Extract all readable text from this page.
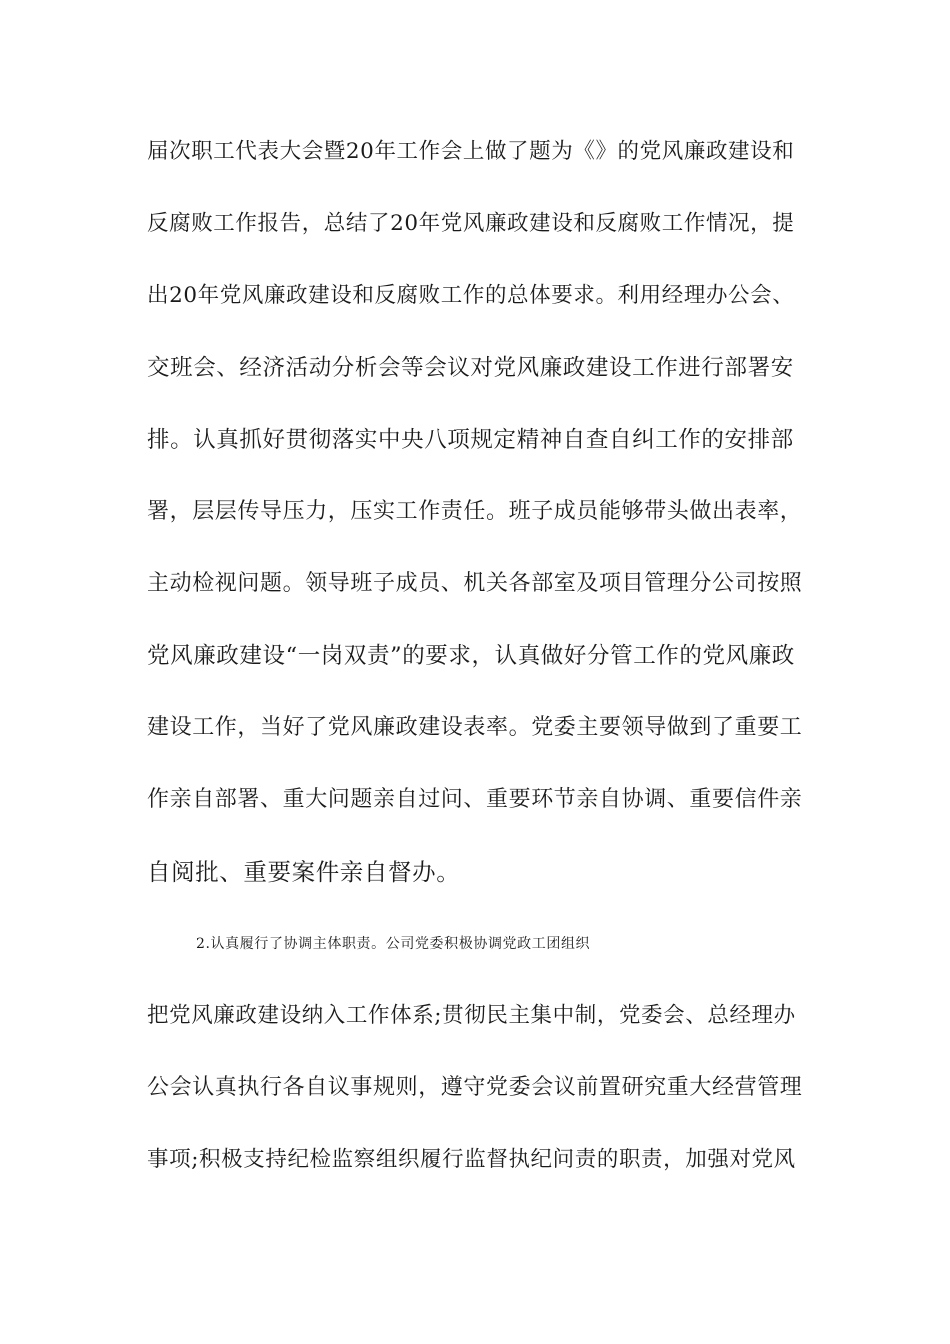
届次职工代表大会暨20年工作会上做了题为《》的党风廉政建设和
反腐败工作报告，总结了20年党风廉政建设和反腐败工作情况，提
出20年党风廉政建设和反腐败工作的总体要求。利用经理办公会、
交班会、经济活动分析会等会议对党风廉政建设工作进行部署安
排。认真抓好贯彻落实中央八项规定精神自查自纠工作的安排部
署，层层传导压力，压实工作责任。班子成员能够带头做出表率，
主动检视问题。领导班子成员、机关各部室及项目管理分公司按照
党风廉政建设“一岗双责”的要求，认真做好分管工作的党风廉政
建设工作，当好了党风廉政建设表率。党委主要领导做到了重要工
作亲自部署、重大问题亲自过问、重要环节亲自协调、重要信件亲
自阅批、重要案件亲自督办。
2.认真履行了协调主体职责。公司党委积极协调党政工团组织
把党风廉政建设纳入工作体系;贯彻民主集中制，党委会、总经理办
公会认真执行各自议事规则，遵守党委会议前置研究重大经营管理
事项;积极支持纪检监察组织履行监督执纪问责的职责，加强对党风
